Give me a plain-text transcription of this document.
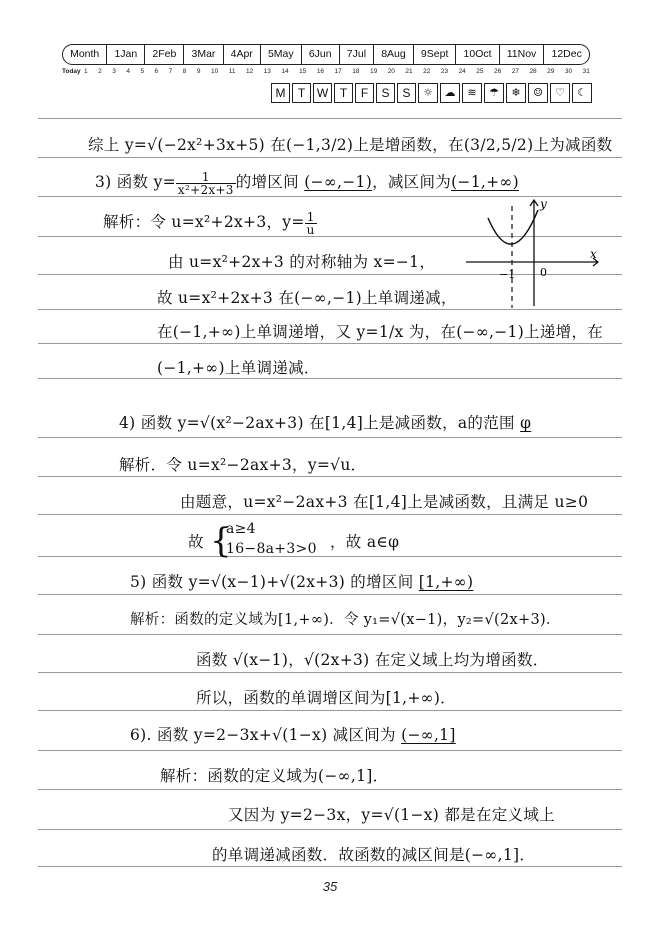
Month	1Jan	2Feb	3Mar	4Apr	5May	6Jun	7Jul	8Aug	9Sept	10Oct	11Nov	12Dec
Today 1 2 3 4 5 6 7 8 9 10 11 12 13 14 15 16 17 18 19 20 21 22 23 24 25 26 27 28 29 30 31
M	T W T	F	S	S	☼	☁	≋	☂	❄	☺	♡	☾
综上 y=√(−2x²+3x+5) 在(−1,3/2)上是增函数，在(3/2,5/2)上为减函数
3) 函数 $y= \frac{1}{\text{x²+2x+3}}$ 的增区间 (−∞,−1)，减区间为(−1,+∞)
解析：令 u=x²+2x+3，$y= \frac{1}{u}$
由 u=x²+2x+3 的对称轴为 x=−1，
故 u=x²+2x+3 在(−∞,−1)上单调递减，
在(−1,+∞)上单调递增，又 y=1/x 为，在(−∞,−1)上递增，在
(−1,+∞)上单调递减．
4) 函数 y=√(x²−2ax+3) 在[1,4]上是减函数，a的范围 φ
解析．令 u=x²−2ax+3，y=√u．
由题意，u=x²−2ax+3 在[1,4]上是减函数，且满足 u≥0
故 {
a≥4
16−8a+3>0 ，故 a∈φ
5) 函数 y=√(x−1)+√(2x+3) 的增区间 [1,+∞)
解析：函数的定义域为[1,+∞)．令 y₁=√(x−1)，y₂=√(2x+3)．
函数 √(x−1)，√(2x+3) 在定义域上均为增函数．
所以，函数的单调增区间为[1,+∞)．
6). 函数 y=2−3x+√(1−x) 减区间为 (−∞,1]
解析：函数的定义域为(−∞,1]．
又因为 y=2−3x，y=√(1−x) 都是在定义域上
的单调递减函数．故函数的减区间是(−∞,1]．
x
y
0
−1
35
